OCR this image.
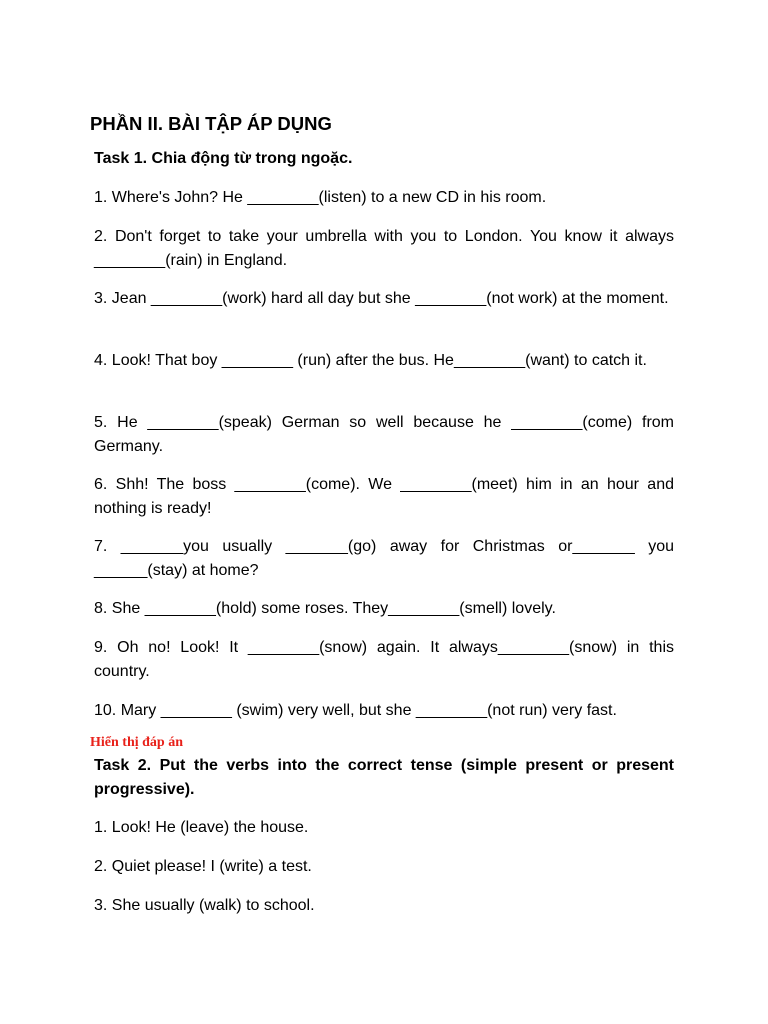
PHẦN II. BÀI TẬP ÁP DỤNG

Task 1. Chia động từ trong ngoặc.

1. Where's John? He ________(listen) to a new CD in his room.

2. Don't forget to take your umbrella with you to London. You know it always ________(rain) in England.

3. Jean ________(work) hard all day but she ________(not work) at the moment.

4. Look! That boy ________ (run) after the bus. He________(want) to catch it.

5. He ________(speak) German so well because he ________(come) from Germany.

6. Shh! The boss ________(come). We ________(meet) him in an hour and nothing is ready!

7. _______you usually _______(go) away for Christmas or_______ you ______(stay) at home?

8. She ________(hold) some roses. They________(smell) lovely.

9. Oh no! Look! It ________(snow) again. It always________(snow) in this country.

10. Mary ________ (swim) very well, but she ________(not run) very fast.

Hiển thị đáp án

Task 2. Put the verbs into the correct tense (simple present or present progressive).

1. Look! He (leave) the house.

2. Quiet please! I (write) a test.

3. She usually (walk) to school.
